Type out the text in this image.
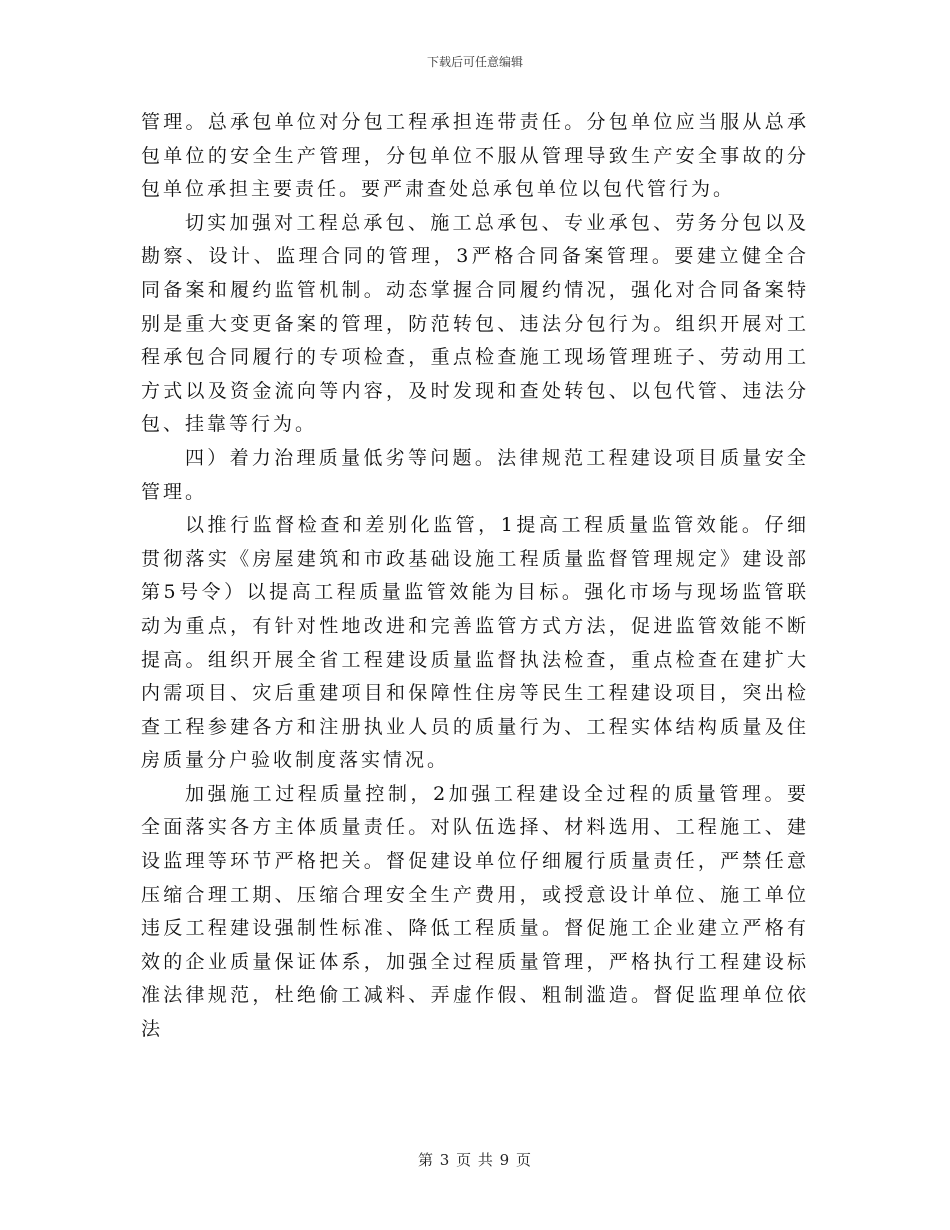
下载后可任意编辑

管理。总承包单位对分包工程承担连带责任。分包单位应当服从总承包单位的安全生产管理，分包单位不服从管理导致生产安全事故的分包单位承担主要责任。要严肃查处总承包单位以包代管行为。

切实加强对工程总承包、施工总承包、专业承包、劳务分包以及勘察、设计、监理合同的管理，3严格合同备案管理。要建立健全合同备案和履约监管机制。动态掌握合同履约情况，强化对合同备案特别是重大变更备案的管理，防范转包、违法分包行为。组织开展对工程承包合同履行的专项检查，重点检查施工现场管理班子、劳动用工方式以及资金流向等内容，及时发现和查处转包、以包代管、违法分包、挂靠等行为。

四）着力治理质量低劣等问题。法律规范工程建设项目质量安全管理。

以推行监督检查和差别化监管，1提高工程质量监管效能。仔细贯彻落实《房屋建筑和市政基础设施工程质量监督管理规定》建设部第5号令）以提高工程质量监管效能为目标。强化市场与现场监管联动为重点，有针对性地改进和完善监管方式方法，促进监管效能不断提高。组织开展全省工程建设质量监督执法检查，重点检查在建扩大内需项目、灾后重建项目和保障性住房等民生工程建设项目，突出检查工程参建各方和注册执业人员的质量行为、工程实体结构质量及住房质量分户验收制度落实情况。

加强施工过程质量控制，2加强工程建设全过程的质量管理。要全面落实各方主体质量责任。对队伍选择、材料选用、工程施工、建设监理等环节严格把关。督促建设单位仔细履行质量责任，严禁任意压缩合理工期、压缩合理安全生产费用，或授意设计单位、施工单位违反工程建设强制性标准、降低工程质量。督促施工企业建立严格有效的企业质量保证体系，加强全过程质量管理，严格执行工程建设标准法律规范，杜绝偷工减料、弄虚作假、粗制滥造。督促监理单位依法

第 3 页 共 9 页
